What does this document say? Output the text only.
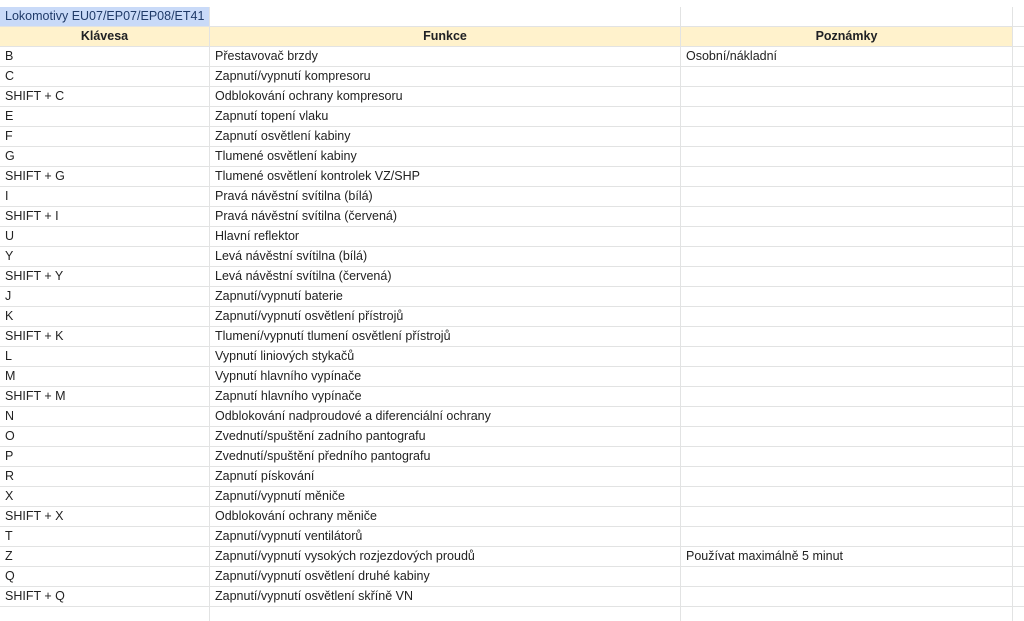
Lokomotivy EU07/EP07/EP08/ET41
Klávesa	Funkce	Poznámky
B	Přestavovač brzdy	Osobní/nákladní
C	Zapnutí/vypnutí kompresoru
SHIFT + C	Odblokování ochrany kompresoru
E	Zapnutí topení vlaku
F	Zapnutí osvětlení kabiny
G	Tlumené osvětlení kabiny
SHIFT + G	Tlumené osvětlení kontrolek VZ/SHP
I	Pravá návěstní svítilna (bílá)
SHIFT + I	Pravá návěstní svítilna (červená)
U	Hlavní reflektor
Y	Levá návěstní svítilna (bílá)
SHIFT + Y	Levá návěstní svítilna (červená)
J	Zapnutí/vypnutí baterie
K	Zapnutí/vypnutí osvětlení přístrojů
SHIFT + K	Tlumení/vypnutí tlumení osvětlení přístrojů
L	Vypnutí liniových stykačů
M	Vypnutí hlavního vypínače
SHIFT + M	Zapnutí hlavního vypínače
N	Odblokování nadproudové a diferenciální ochrany
O	Zvednutí/spuštění zadního pantografu
P	Zvednutí/spuštění předního pantografu
R	Zapnutí pískování
X	Zapnutí/vypnutí měniče
SHIFT + X	Odblokování ochrany měniče
T	Zapnutí/vypnutí ventilátorů
Z	Zapnutí/vypnutí vysokých rozjezdových proudů	Používat maximálně 5 minut
Q	Zapnutí/vypnutí osvětlení druhé kabiny
SHIFT + Q	Zapnutí/vypnutí osvětlení skříně VN
